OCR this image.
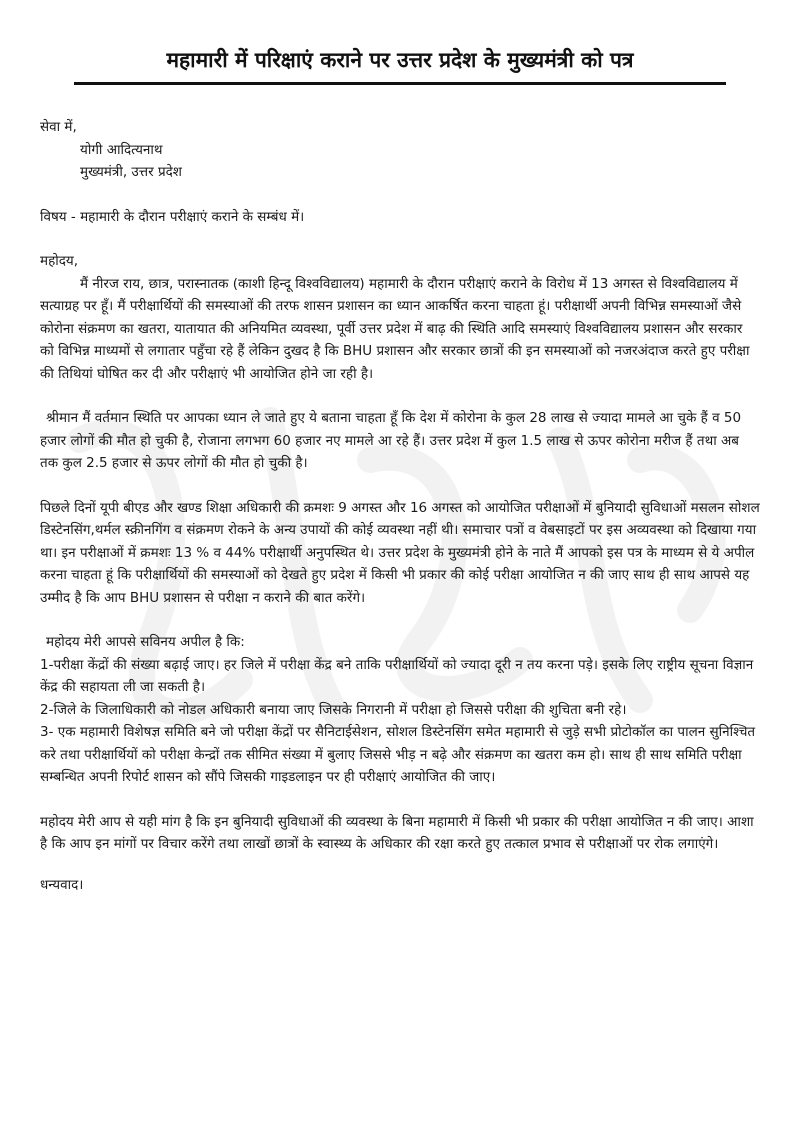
महामारी में परिक्षाएं कराने पर उत्तर प्रदेश के मुख्यमंत्री को पत्र

सेवा में,

योगी आदित्यनाथ

मुख्यमंत्री, उत्तर प्रदेश

विषय - महामारी के दौरान परीक्षाएं कराने के सम्बंध में।

महोदय,

मैं नीरज राय, छात्र, परास्नातक (काशी हिन्दू विश्वविद्यालय) महामारी के दौरान परीक्षाएं कराने के विरोध में 13 अगस्त से विश्वविद्यालय में सत्याग्रह पर हूँ। मैं परीक्षार्थियों की समस्याओं की तरफ शासन प्रशासन का ध्यान आकर्षित करना चाहता हूं। परीक्षार्थी अपनी विभिन्न समस्याओं जैसे कोरोना संक्रमण का खतरा, यातायात की अनियमित व्यवस्था, पूर्वी उत्तर प्रदेश में बाढ़ की स्थिति आदि समस्याएं विश्वविद्यालय प्रशासन और सरकार को विभिन्न माध्यमों से लगातार पहुँचा रहे हैं लेकिन दुखद है कि BHU प्रशासन और सरकार छात्रों की इन समस्याओं को नजरअंदाज करते हुए परीक्षा की तिथियां घोषित कर दी और परीक्षाएं भी आयोजित होने जा रही है।

श्रीमान मैं वर्तमान स्थिति पर आपका ध्यान ले जाते हुए ये बताना चाहता हूँ कि देश में कोरोना के कुल 28 लाख से ज्यादा मामले आ चुके हैं व 50 हजार लोगों की मौत हो चुकी है, रोजाना लगभग 60 हजार नए मामले आ रहे हैं। उत्तर प्रदेश में कुल 1.5 लाख से ऊपर कोरोना मरीज हैं तथा अब तक कुल 2.5 हजार से ऊपर लोगों की मौत हो चुकी है।

पिछले दिनों यूपी बीएड और खण्ड शिक्षा अधिकारी की क्रमशः 9 अगस्त और 16 अगस्त को आयोजित परीक्षाओं में बुनियादी सुविधाओं मसलन सोशल डिस्टेनसिंग,थर्मल स्क्रीनगिंग व संक्रमण रोकने के अन्य उपायों की कोई व्यवस्था नहीं थी। समाचार पत्रों व वेबसाइटों पर इस अव्यवस्था को दिखाया गया था। इन परीक्षाओं में क्रमशः 13 % व 44% परीक्षार्थी अनुपस्थित थे। उत्तर प्रदेश के मुख्यमंत्री होने के नाते मैं आपको इस पत्र के माध्यम से ये अपील करना चाहता हूं कि परीक्षार्थियों की समस्याओं को देखते हुए प्रदेश में किसी भी प्रकार की कोई परीक्षा आयोजित न की जाए साथ ही साथ आपसे यह उम्मीद है कि आप BHU प्रशासन से परीक्षा न कराने की बात करेंगे।

महोदय मेरी आपसे सविनय अपील है कि:

1-परीक्षा केंद्रों की संख्या बढ़ाई जाए। हर जिले में परीक्षा केंद्र बने ताकि परीक्षार्थियों को ज्यादा दूरी न तय करना पड़े। इसके लिए राष्ट्रीय सूचना विज्ञान केंद्र की सहायता ली जा सकती है।

2-जिले के जिलाधिकारी को नोडल अधिकारी बनाया जाए जिसके निगरानी में परीक्षा हो जिससे परीक्षा की शुचिता बनी रहे।

3- एक महामारी विशेषज्ञ समिति बने जो परीक्षा केंद्रों पर सैनिटाईसेशन, सोशल डिस्टेनसिंग समेत महामारी से जुड़े सभी प्रोटोकॉल का पालन सुनिश्चित करे तथा परीक्षार्थियों को परीक्षा केन्द्रों तक सीमित संख्या में बुलाए जिससे भीड़ न बढ़े और संक्रमण का खतरा कम हो। साथ ही साथ समिति परीक्षा सम्बन्धित अपनी रिपोर्ट शासन को सौंपे जिसकी गाइडलाइन पर ही परीक्षाएं आयोजित की जाए।

महोदय मेरी आप से यही मांग है कि इन बुनियादी सुविधाओं की व्यवस्था के बिना महामारी में किसी भी प्रकार की परीक्षा आयोजित न की जाए। आशा है कि आप इन मांगों पर विचार करेंगे तथा लाखों छात्रों के स्वास्थ्य के अधिकार की रक्षा करते हुए तत्काल प्रभाव से परीक्षाओं पर रोक लगाएंगे।

धन्यवाद।
